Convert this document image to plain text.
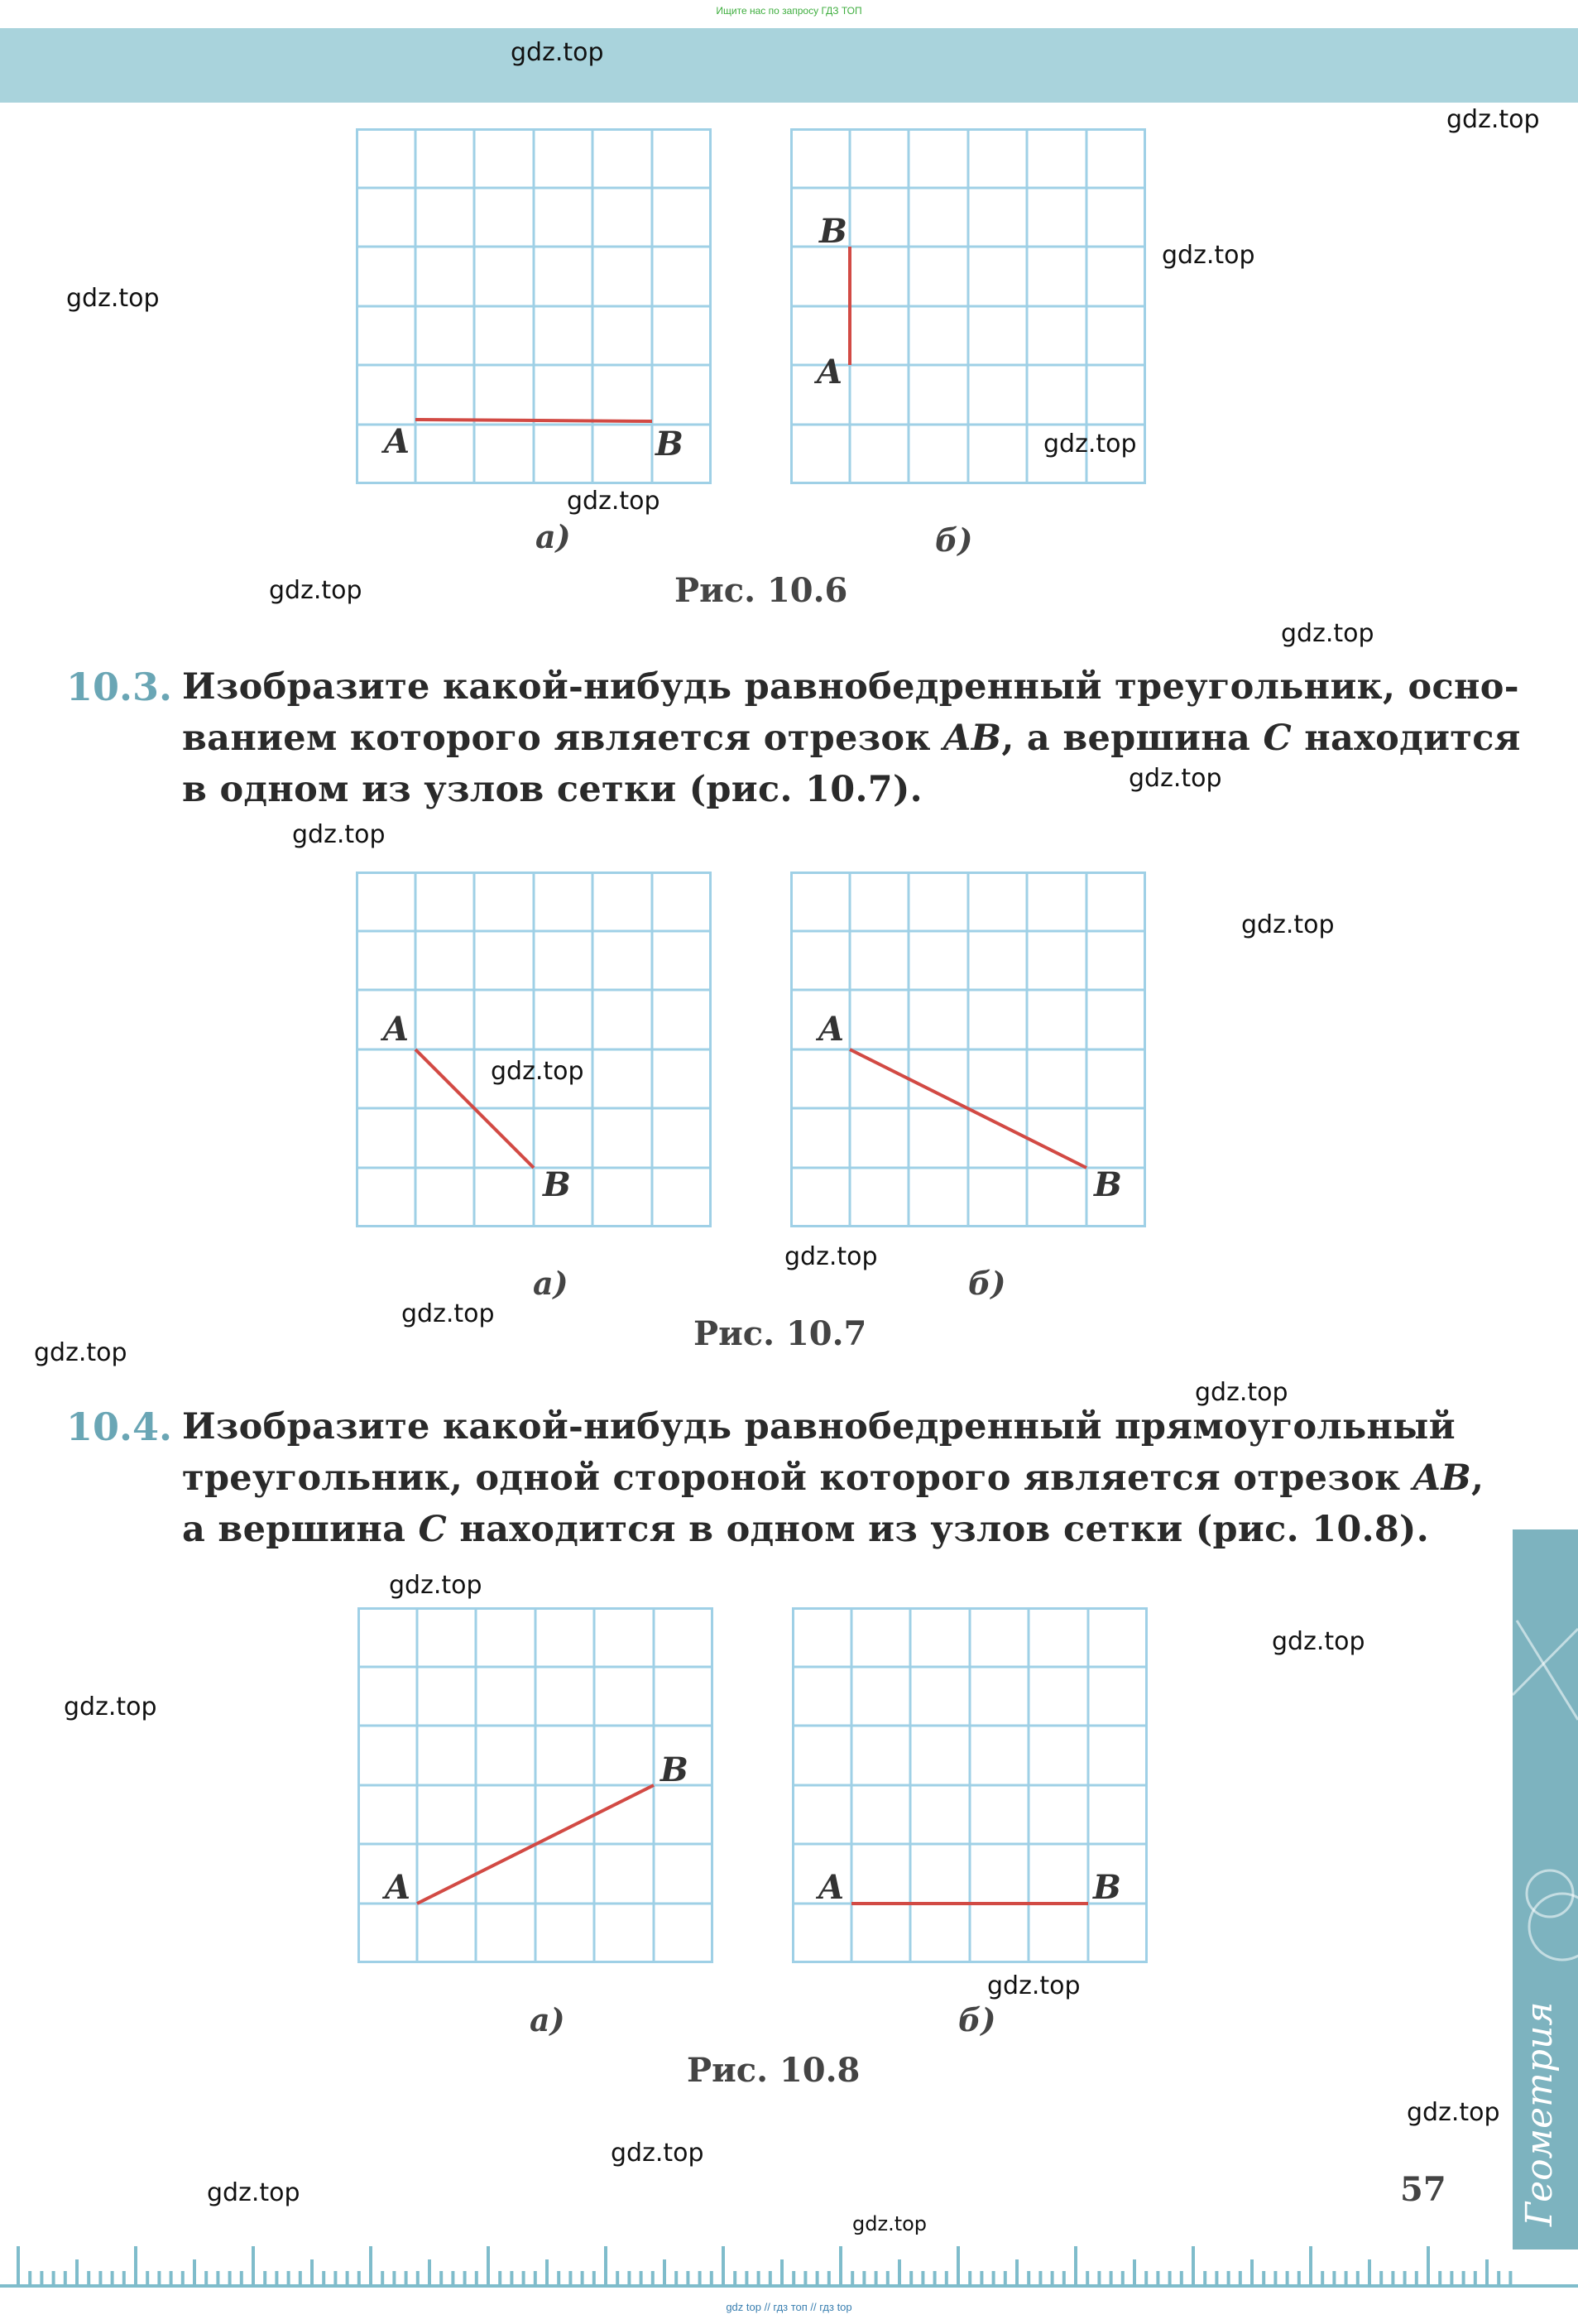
Ищите нас по запросу ГДЗ ТОП
A	B
B
A
а)	б)
Рис. 10.6
10.3. Изобразите какой-нибудь равнобедренный треугольник, осно-
ванием которого является отрезок AB, а вершина C находится
в одном из узлов сетки (рис. 10.7).
A
B
A
B
а)	б)
Рис. 10.7
10.4. Изобразите какой-нибудь равнобедренный прямоугольный
треугольник, одной стороной которого является отрезок AB,
а вершина C находится в одном из узлов сетки (рис. 10.8).
A
B
A	B
а)	б)
Рис. 10.8	Геометрия
57
gdz top // гдз топ // гдз top
gdz.top
gdz.top
gdz.top
gdz.top
gdz.top
gdz.top
gdz.top
gdz.top
gdz.top
gdz.top
gdz.top
gdz.top
gdz.top
gdz.top
gdz.top
gdz.top
gdz.top
gdz.top
gdz.top
gdz.top
gdz.top
gdz.top
gdz.top
gdz.top
